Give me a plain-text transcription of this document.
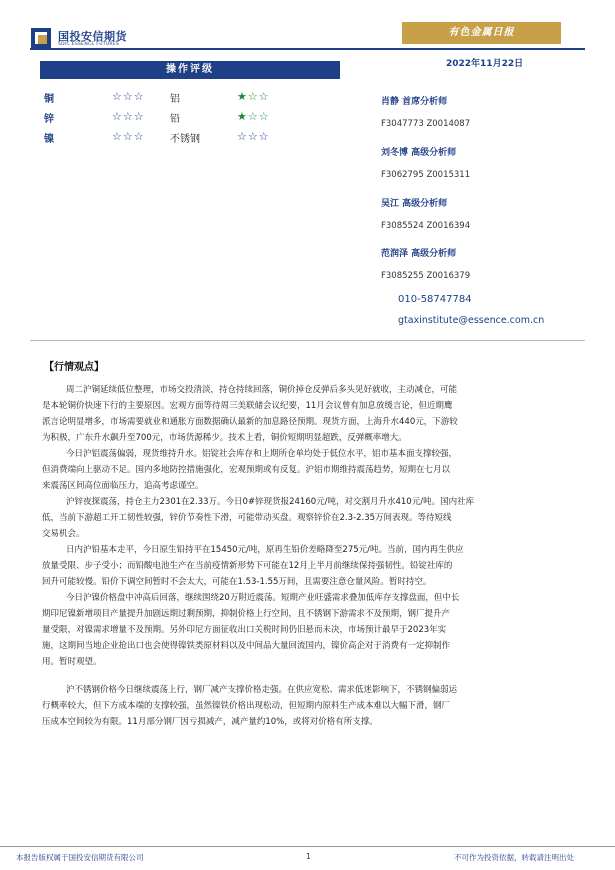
国投安信期货
SDIC ESSENCE FUTURES
有色金属日报
2022年11月22日
操作评级
铜	☆☆☆	铝	★☆☆
锌	☆☆☆	铅	★☆☆
镍	☆☆☆	不锈钢	☆☆☆
肖静 首席分析师
F3047773 Z0014087
刘冬博 高级分析师
F3062795 Z0015311
吴江 高级分析师
F3085524 Z0016394
范润泽 高级分析师
F3085255 Z0016379
010-58747784
gtaxinstitute@essence.com.cn
【行情观点】
周二沪铜延续低位整理，市场交投清淡，持仓持续回落，铜价掉仓反弹后多头见好就收，主动减仓，可能
是本轮铜价快速下行的主要原因。宏观方面等待周三美联储会议纪要，11月会议曾有加息放缓言论，但近期鹰
派言论明显增多，市场需要就业和通胀方面数据确认最新的加息路径预期。现货方面，上海升水440元，下游较
为积极，广东升水飙升至700元，市场货源稀少。技术上看，铜价短期明显超跌，反弹概率增大。
今日沪铝震荡偏弱，现货维持升水。铝锭社会库存和上期所仓单均处于低位水平，铝市基本面支撑较强，
但消费端向上驱动不足。国内多地防控措施强化，宏观预期或有反复。沪铝市期维持震荡趋势，短期在七月以
来震荡区间高位面临压力，追高考虑谨空。
沪锌夜探震荡，持仓主力2301在2.33万。今日0#锌现货报24160元/吨，对交割月升水410元/吨。国内社库
低，当前下游超工开工韧性较强，锌价节奏性下滑，可能带动买盘。观察锌价在2.3-2.35万间表现。等待短线
交易机会。
日内沪铅基本走平，今日原生铅持平在15450元/吨，原再生铅价差略降至275元/吨。当前，国内再生供应
放量受限、步子受小；而铅酸电池生产在当前疫情新形势下可能在12月上半月前继续保持强韧性。铅锭社库的
回升可能较慢。铅价下调空间暂时不会太大，可能在1.53-1.55万间，且需要注意仓量风险。暂时持空。
今日沪镍价格盘中冲高后回落，继续围绕20万附近震荡。短期产业旺盛需求叠加低库存支撑盘面，但中长
期印尼镍新增项目产量提升加剧远期过剩预期，抑制价格上行空间，且不锈钢下游需求不及预期，钢厂提升产
量受限，对镍需求增量不及预期。另外印尼方面征收出口关税时间仍旧悬而未决，市场预计最早于2023年实
施，这期间当地企业抢出口也会使得镍铁类原材料以及中间品大量回流国内，镍价高企对于消费有一定抑制作
用。暂时观望。
沪不锈钢价格今日继续震荡上行，钢厂减产支撑价格走强。在供应宽松、需求低迷影响下，不锈钢偏弱运
行概率较大，但下方成本端的支撑较强，虽然镍铁价格出现松动，但短期内原料生产成本难以大幅下滑，钢厂
压成本空间较为有限。11月部分钢厂因亏损减产，减产量约10%，或将对价格有所支撑。
本报告版权属于国投安信期货有限公司	1	不可作为投资依据，转载请注明出处
